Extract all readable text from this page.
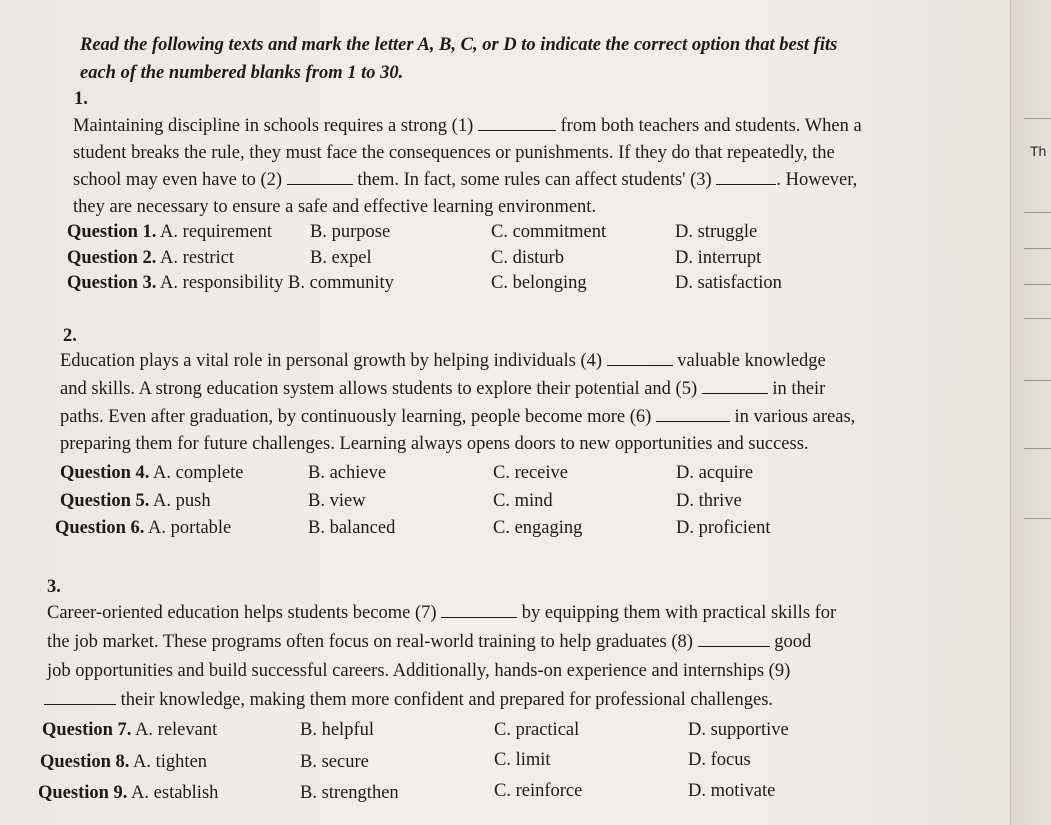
Th
Read the following texts and mark the letter A, B, C, or D to indicate the correct option that best fits
each of the numbered blanks from 1 to 30.
1.
Maintaining discipline in schools requires a strong (1)	from both teachers and students. When a
student breaks the rule, they must face the consequences or punishments. If they do that repeatedly, the
school may even have to (2)	them. In fact, some rules can affect students' (3)	. However,
they are necessary to ensure a safe and effective learning environment.
Question 1. A. requirement B. purpose	C. commitment	D. struggle
Question 2. A. restrict	B. expel	C. disturb	D. interrupt
Question 3. A. responsibility B. community	C. belonging	D. satisfaction
2.
Education plays a vital role in personal growth by helping individuals (4)	valuable knowledge
and skills. A strong education system allows students to explore their potential and (5)	in their
paths. Even after graduation, by continuously learning, people become more (6)	in various areas,
preparing them for future challenges. Learning always opens doors to new opportunities and success.
Question 4. A. complete	B. achieve	C. receive	D. acquire
Question 5. A. push	B. view	C. mind	D. thrive
Question 6. A. portable	B. balanced	C. engaging	D. proficient
3.
Career-oriented education helps students become (7)	by equipping them with practical skills for
the job market. These programs often focus on real-world training to help graduates (8)	good
job opportunities and build successful careers. Additionally, hands-on experience and internships (9)
their knowledge, making them more confident and prepared for professional challenges.
Question 7. A. relevant	B. helpful	C. practical	D. supportive
Question 8. A. tighten	B. secure	C. limit	D. focus
Question 9. A. establish	B. strengthen	C. reinforce	D. motivate
